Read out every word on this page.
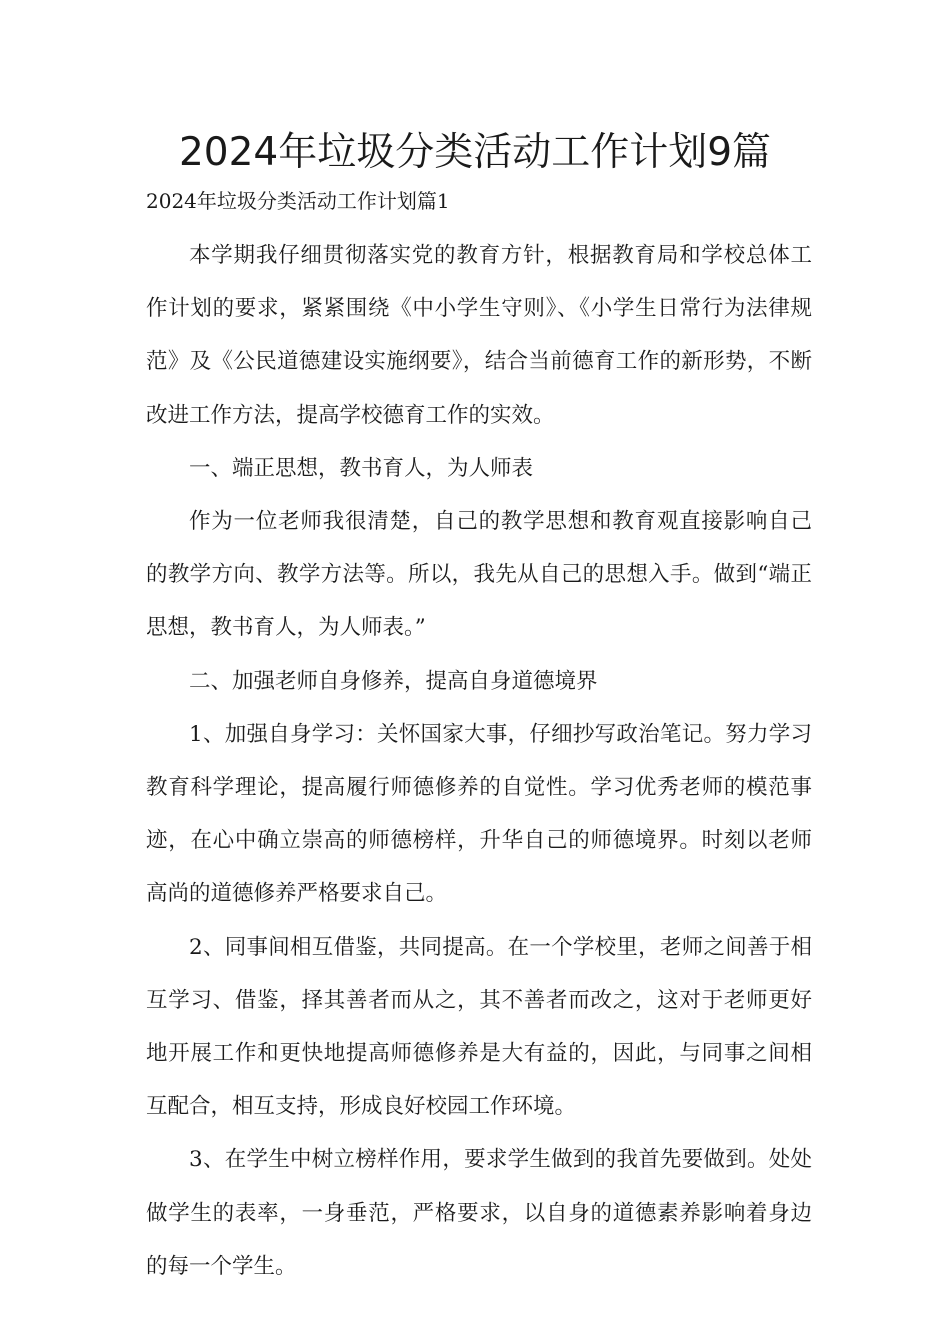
2024年垃圾分类活动工作计划9篇
2024年垃圾分类活动工作计划篇1

本学期我仔细贯彻落实党的教育方针，根据教育局和学校总体工作计划的要求，紧紧围绕《中小学生守则》、《小学生日常行为法律规范》及《公民道德建设实施纲要》，结合当前德育工作的新形势，不断改进工作方法，提高学校德育工作的实效。

一、端正思想，教书育人，为人师表

作为一位老师我很清楚，自己的教学思想和教育观直接影响自己的教学方向、教学方法等。所以，我先从自己的思想入手。做到“端正思想，教书育人，为人师表。”

二、加强老师自身修养，提高自身道德境界

1、加强自身学习：关怀国家大事，仔细抄写政治笔记。努力学习教育科学理论，提高履行师德修养的自觉性。学习优秀老师的模范事迹，在心中确立崇高的师德榜样，升华自己的师德境界。时刻以老师高尚的道德修养严格要求自己。

2、同事间相互借鉴，共同提高。在一个学校里，老师之间善于相互学习、借鉴，择其善者而从之，其不善者而改之，这对于老师更好地开展工作和更快地提高师德修养是大有益的，因此，与同事之间相互配合，相互支持，形成良好校园工作环境。

3、在学生中树立榜样作用，要求学生做到的我首先要做到。处处做学生的表率，一身垂范，严格要求，以自身的道德素养影响着身边的每一个学生。
